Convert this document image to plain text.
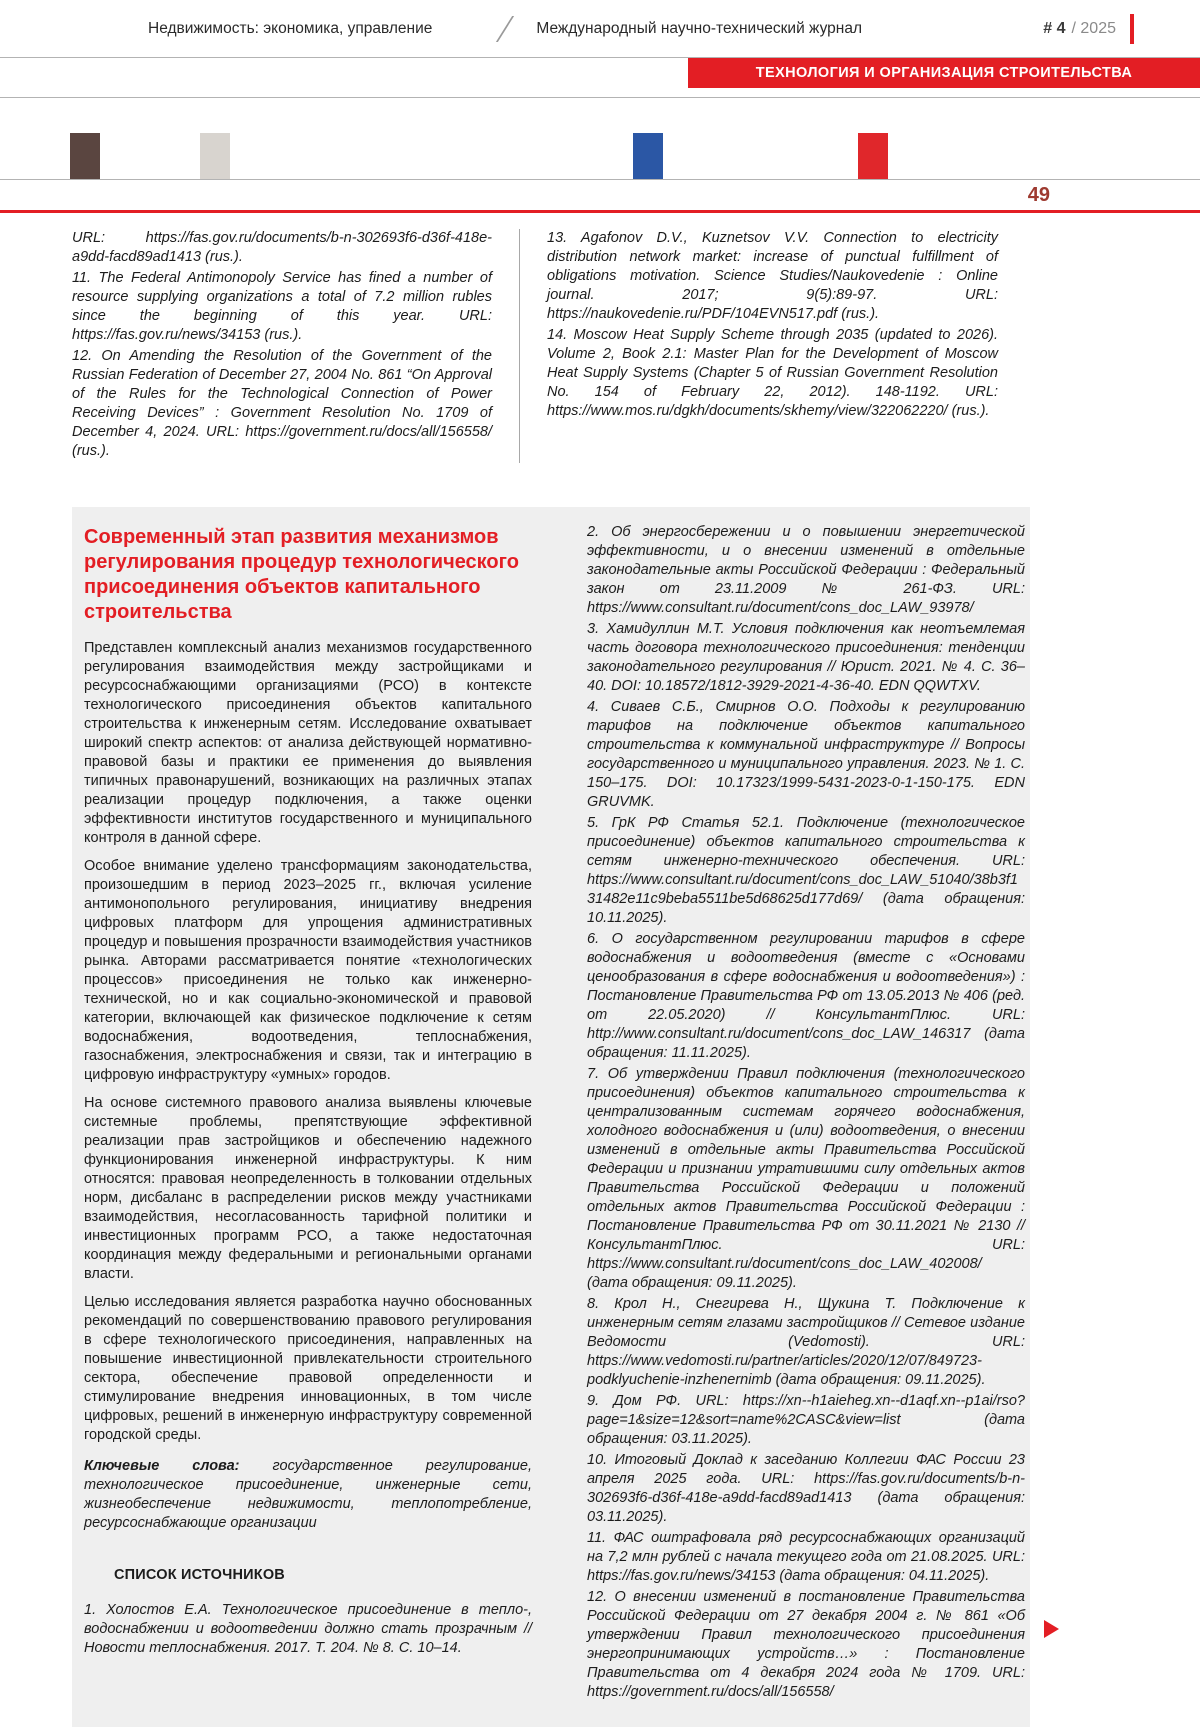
Недвижимость: экономика, управление	Международный научно-технический журнал	# 4 / 2025
ТЕХНОЛОГИЯ И ОРГАНИЗАЦИЯ СТРОИТЕЛЬСТВА
49

URL: https://fas.gov.ru/documents/b-n-302693f6-d36f-418e-a9dd-facd89ad1413 (rus.).

11. The Federal Antimonopoly Service has fined a number of resource supplying organizations a total of 7.2 million rubles since the beginning of this year. URL: https://fas.gov.ru/news/34153 (rus.).

12. On Amending the Resolution of the Government of the Russian Federation of December 27, 2004 No. 861 “On Approval of the Rules for the Technological Connection of Power Receiving Devices” : Government Resolution No. 1709 of December 4, 2024. URL: https://government.ru/docs/all/156558/ (rus.).

13. Agafonov D.V., Kuznetsov V.V. Connection to electricity distribution network market: increase of punctual fulfillment of obligations motivation. Science Studies/Naukovedenie : Online journal. 2017; 9(5):89-97. URL: https://naukovedenie.ru/PDF/104EVN517.pdf (rus.).

14. Moscow Heat Supply Scheme through 2035 (updated to 2026). Volume 2, Book 2.1: Master Plan for the Development of Moscow Heat Supply Systems (Chapter 5 of Russian Government Resolution No. 154 of February 22, 2012). 148-1192. URL: https://www.mos.ru/dgkh/documents/skhemy/view/322062220/ (rus.).

Современный этап развития механизмов регулирования процедур технологического присоединения объектов капитального строительства

Представлен комплексный анализ механизмов государственного регулирования взаимодействия между застройщиками и ресурсоснабжающими организациями (РСО) в контексте технологического присоединения объектов капитального строительства к инженерным сетям. Исследование охватывает широкий спектр аспектов: от анализа действующей нормативно-правовой базы и практики ее применения до выявления типичных правонарушений, возникающих на различных этапах реализации процедур подключения, а также оценки эффективности институтов государственного и муниципального контроля в данной сфере.

Особое внимание уделено трансформациям законодательства, произошедшим в период 2023–2025 гг., включая усиление антимонопольного регулирования, инициативу внедрения цифровых платформ для упрощения административных процедур и повышения прозрачности взаимодействия участников рынка. Авторами рассматривается понятие «технологических процессов» присоединения не только как инженерно-технической, но и как социально-экономической и правовой категории, включающей как физическое подключение к сетям водоснабжения, водоотведения, теплоснабжения, газоснабжения, электроснабжения и связи, так и интеграцию в цифровую инфраструктуру «умных» городов.

На основе системного правового анализа выявлены ключевые системные проблемы, препятствующие эффективной реализации прав застройщиков и обеспечению надежного функционирования инженерной инфраструктуры. К ним относятся: правовая неопределенность в толковании отдельных норм, дисбаланс в распределении рисков между участниками взаимодействия, несогласованность тарифной политики и инвестиционных программ РСО, а также недостаточная координация между федеральными и региональными органами власти.

Целью исследования является разработка научно обоснованных рекомендаций по совершенствованию правового регулирования в сфере технологического присоединения, направленных на повышение инвестиционной привлекательности строительного сектора, обеспечение правовой определенности и стимулирование внедрения инновационных, в том числе цифровых, решений в инженерную инфраструктуру современной городской среды.

Ключевые слова: государственное регулирование, технологическое присоединение, инженерные сети, жизнеобеспечение недвижимости, теплопотребление, ресурсоснабжающие организации

СПИСОК ИСТОЧНИКОВ

1. Холостов Е.А. Технологическое присоединение в тепло-, водоснабжении и водоотведении должно стать прозрачным // Новости теплоснабжения. 2017. Т. 204. № 8. С. 10–14.

2. Об энергосбережении и о повышении энергетической эффективности, и о внесении изменений в отдельные законодательные акты Российской Федерации : Федеральный закон от 23.11.2009 № 261-ФЗ. URL: https://www.consultant.ru/document/cons_doc_LAW_93978/

3. Хамидуллин М.Т. Условия подключения как неотъемлемая часть договора технологического присоединения: тенденции законодательного регулирования // Юрист. 2021. № 4. С. 36–40. DOI: 10.18572/1812-3929-2021-4-36-40. EDN QQWTXV.

4. Сиваев С.Б., Смирнов О.О. Подходы к регулированию тарифов на подключение объектов капитального строительства к коммунальной инфраструктуре // Вопросы государственного и муниципального управления. 2023. № 1. С. 150–175. DOI: 10.17323/1999-5431-2023-0-1-150-175. EDN GRUVMK.

5. ГрК РФ Статья 52.1. Подключение (технологическое присоединение) объектов капитального строительства к сетям инженерно-технического обеспечения. URL: https://www.consultant.ru/document/cons_doc_LAW_51040/38b3f131482e11c9beba5511be5d68625d177d69/ (дата обращения: 10.11.2025).

6. О государственном регулировании тарифов в сфере водоснабжения и водоотведения (вместе с «Основами ценообразования в сфере водоснабжения и водоотведения») : Постановление Правительства РФ от 13.05.2013 № 406 (ред. от 22.05.2020) // КонсультантПлюс. URL: http://www.consultant.ru/document/cons_doc_LAW_146317 (дата обращения: 11.11.2025).

7. Об утверждении Правил подключения (технологического присоединения) объектов капитального строительства к централизованным системам горячего водоснабжения, холодного водоснабжения и (или) водоотведения, о внесении изменений в отдельные акты Правительства Российской Федерации и признании утратившими силу отдельных актов Правительства Российской Федерации и положений отдельных актов Правительства Российской Федерации : Постановление Правительства РФ от 30.11.2021 № 2130 // КонсультантПлюс. URL: https://www.consultant.ru/document/cons_doc_LAW_402008/ (дата обращения: 09.11.2025).

8. Крол Н., Снегирева Н., Щукина Т. Подключение к инженерным сетям глазами застройщиков // Сетевое издание Ведомости (Vedomosti). URL: https://www.vedomosti.ru/partner/articles/2020/12/07/849723-podklyuchenie-inzhenernimb (дата обращения: 09.11.2025).

9. Дом РФ. URL: https://xn--h1aieheg.xn--d1aqf.xn--p1ai/rso?page=1&size=12&sort=name%2CASC&view=list (дата обращения: 03.11.2025).

10. Итоговый Доклад к заседанию Коллегии ФАС России 23 апреля 2025 года. URL: https://fas.gov.ru/documents/b-n-302693f6-d36f-418e-a9dd-facd89ad1413 (дата обращения: 03.11.2025).

11. ФАС оштрафовала ряд ресурсоснабжающих организаций на 7,2 млн рублей с начала текущего года от 21.08.2025. URL: https://fas.gov.ru/news/34153 (дата обращения: 04.11.2025).

12. О внесении изменений в постановление Правительства Российской Федерации от 27 декабря 2004 г. № 861 «Об утверждении Правил технологического присоединения энергопринимающих устройств…» : Постановление Правительства от 4 декабря 2024 года № 1709. URL: https://government.ru/docs/all/156558/
